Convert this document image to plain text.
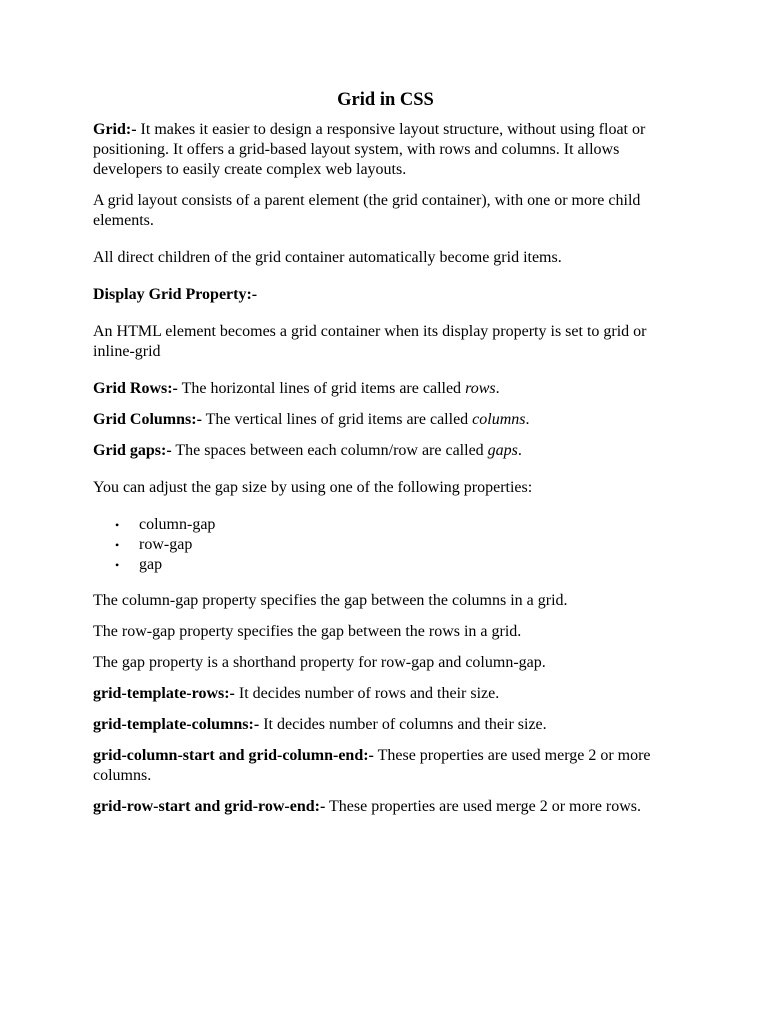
Grid in CSS

Grid:- It makes it easier to design a responsive layout structure, without using float or positioning. It offers a grid-based layout system, with rows and columns. It allows developers to easily create complex web layouts.

A grid layout consists of a parent element (the grid container), with one or more child elements.

All direct children of the grid container automatically become grid items.

Display Grid Property:-

An HTML element becomes a grid container when its display property is set to grid or inline-grid

Grid Rows:- The horizontal lines of grid items are called rows.

Grid Columns:- The vertical lines of grid items are called columns.

Grid gaps:- The spaces between each column/row are called gaps.

You can adjust the gap size by using one of the following properties:

• column-gap
• row-gap
• gap

The column-gap property specifies the gap between the columns in a grid.

The row-gap property specifies the gap between the rows in a grid.

The gap property is a shorthand property for row-gap and column-gap.

grid-template-rows:- It decides number of rows and their size.

grid-template-columns:- It decides number of columns and their size.

grid-column-start and grid-column-end:- These properties are used merge 2 or more columns.

grid-row-start and grid-row-end:- These properties are used merge 2 or more rows.
